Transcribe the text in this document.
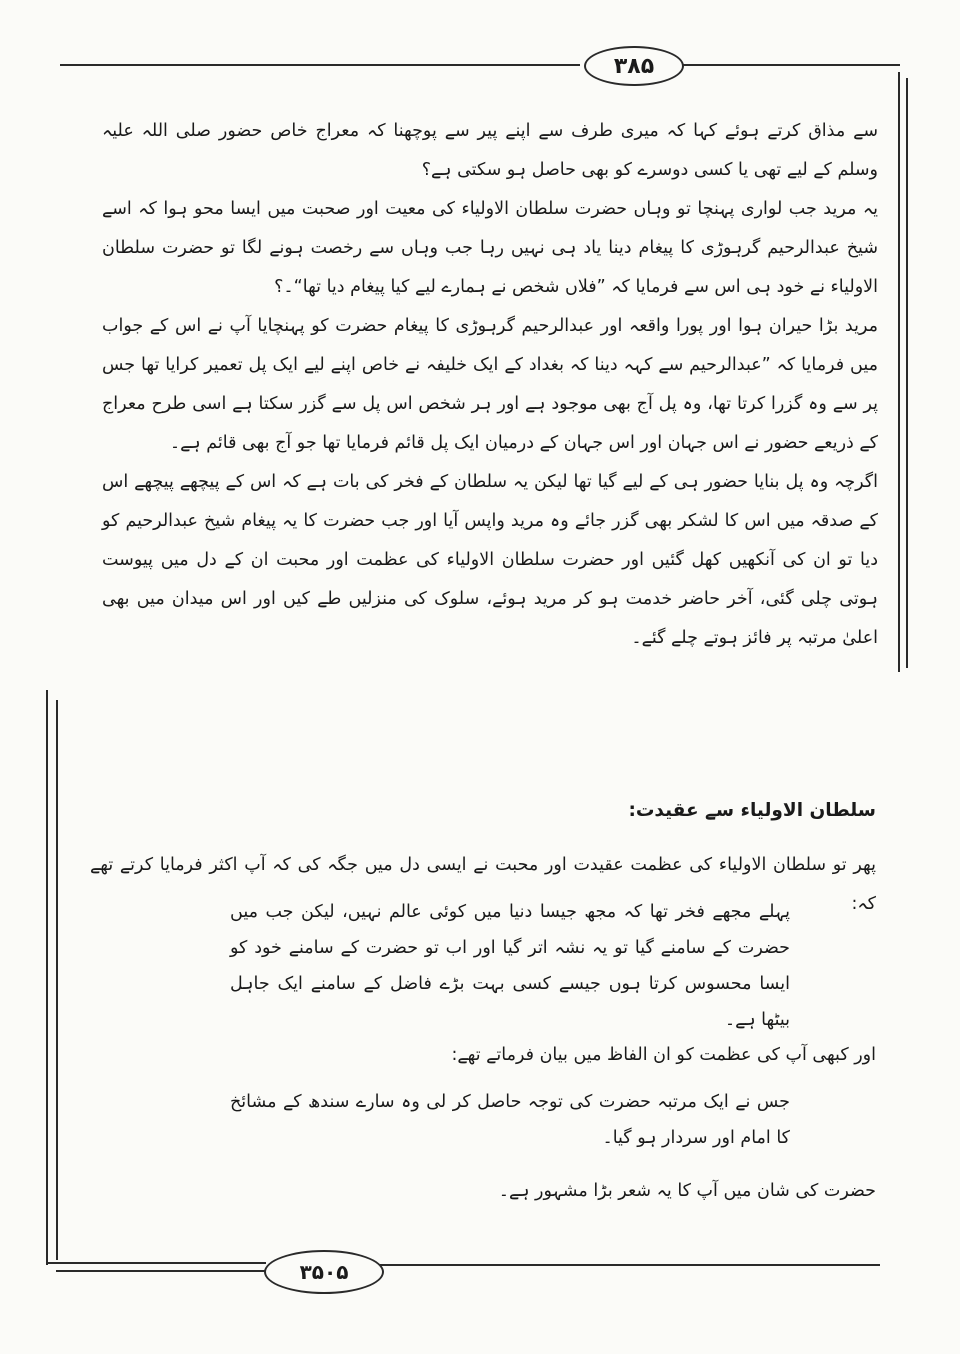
۳۸۵
۳۵۰۵

سے مذاق کرتے ہوئے کہا کہ میری طرف سے اپنے پیر سے پوچھنا کہ معراج خاص حضور صلی اللہ علیہ وسلم کے لیے تھی یا کسی دوسرے کو بھی حاصل ہو سکتی ہے؟

یہ مرید جب لواری پہنچا تو وہاں حضرت سلطان الاولیاء کی معیت اور صحبت میں ایسا محو ہوا کہ اسے شیخ عبدالرحیم گرہوڑی کا پیغام دینا یاد ہی نہیں رہا جب وہاں سے رخصت ہونے لگا تو حضرت سلطان الاولیاء نے خود ہی اس سے فرمایا کہ ”فلاں شخص نے ہمارے لیے کیا پیغام دیا تھا“۔؟

مرید بڑا حیران ہوا اور پورا واقعہ اور عبدالرحیم گرہوڑی کا پیغام حضرت کو پہنچایا آپ نے اس کے جواب میں فرمایا کہ ”عبدالرحیم سے کہہ دینا کہ بغداد کے ایک خلیفہ نے خاص اپنے لیے ایک پل تعمیر کرایا تھا جس پر سے وہ گزرا کرتا تھا، وہ پل آج بھی موجود ہے اور ہر شخص اس پل سے گزر سکتا ہے اسی طرح معراج کے ذریعے حضور نے اس جہان اور اس جہان کے درمیان ایک پل قائم فرمایا تھا جو آج بھی قائم ہے۔

اگرچہ وہ پل بنایا حضور ہی کے لیے گیا تھا لیکن یہ سلطان کے فخر کی بات ہے کہ اس کے پیچھے پیچھے اس کے صدقہ میں اس کا لشکر بھی گزر جائے وہ مرید واپس آیا اور جب حضرت کا یہ پیغام شیخ عبدالرحیم کو دیا تو ان کی آنکھیں کھل گئیں اور حضرت سلطان الاولیاء کی عظمت اور محبت ان کے دل میں پیوست ہوتی چلی گئی، آخر حاضر خدمت ہو کر مرید ہوئے، سلوک کی منزلیں طے کیں اور اس میدان میں بھی اعلیٰ مرتبہ پر فائز ہوتے چلے گئے۔

سلطان الاولیاء سے عقیدت:
پھر تو سلطان الاولیاء کی عظمت عقیدت اور محبت نے ایسی دل میں جگہ کی کہ آپ اکثر فرمایا کرتے تھے کہ:

پہلے مجھے فخر تھا کہ مجھ جیسا دنیا میں کوئی عالم نہیں، لیکن جب میں حضرت کے سامنے گیا تو یہ نشہ اتر گیا اور اب تو حضرت کے سامنے خود کو ایسا محسوس کرتا ہوں جیسے کسی بہت بڑے فاضل کے سامنے ایک جاہل بیٹھا ہے۔

اور کبھی آپ کی عظمت کو ان الفاظ میں بیان فرماتے تھے:

جس نے ایک مرتبہ حضرت کی توجہ حاصل کر لی وہ سارے سندھ کے مشائخ کا امام اور سردار ہو گیا۔

حضرت کی شان میں آپ کا یہ شعر بڑا مشہور ہے۔
